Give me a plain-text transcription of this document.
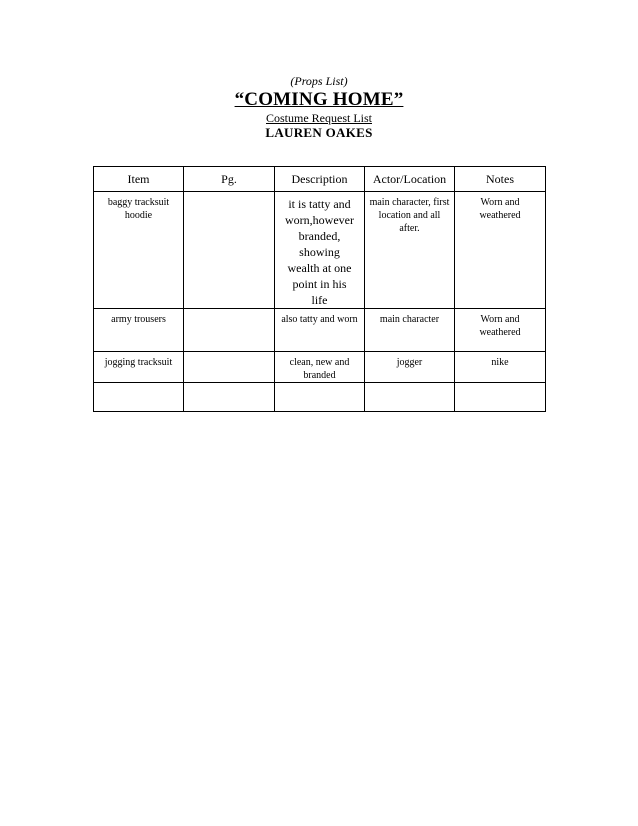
(Props List)
“COMING HOME”
Costume Request List
LAUREN OAKES
Item	Pg.	Description	Actor/Location	Notes

baggy tracksuit hoodie		it is tatty and worn,however branded, showing wealth at one point in his life	main character, first location and all after.	Worn and weathered

army trousers		also tatty and worn	main character	Worn and weathered

jogging tracksuit		clean, new and branded	jogger	nike
